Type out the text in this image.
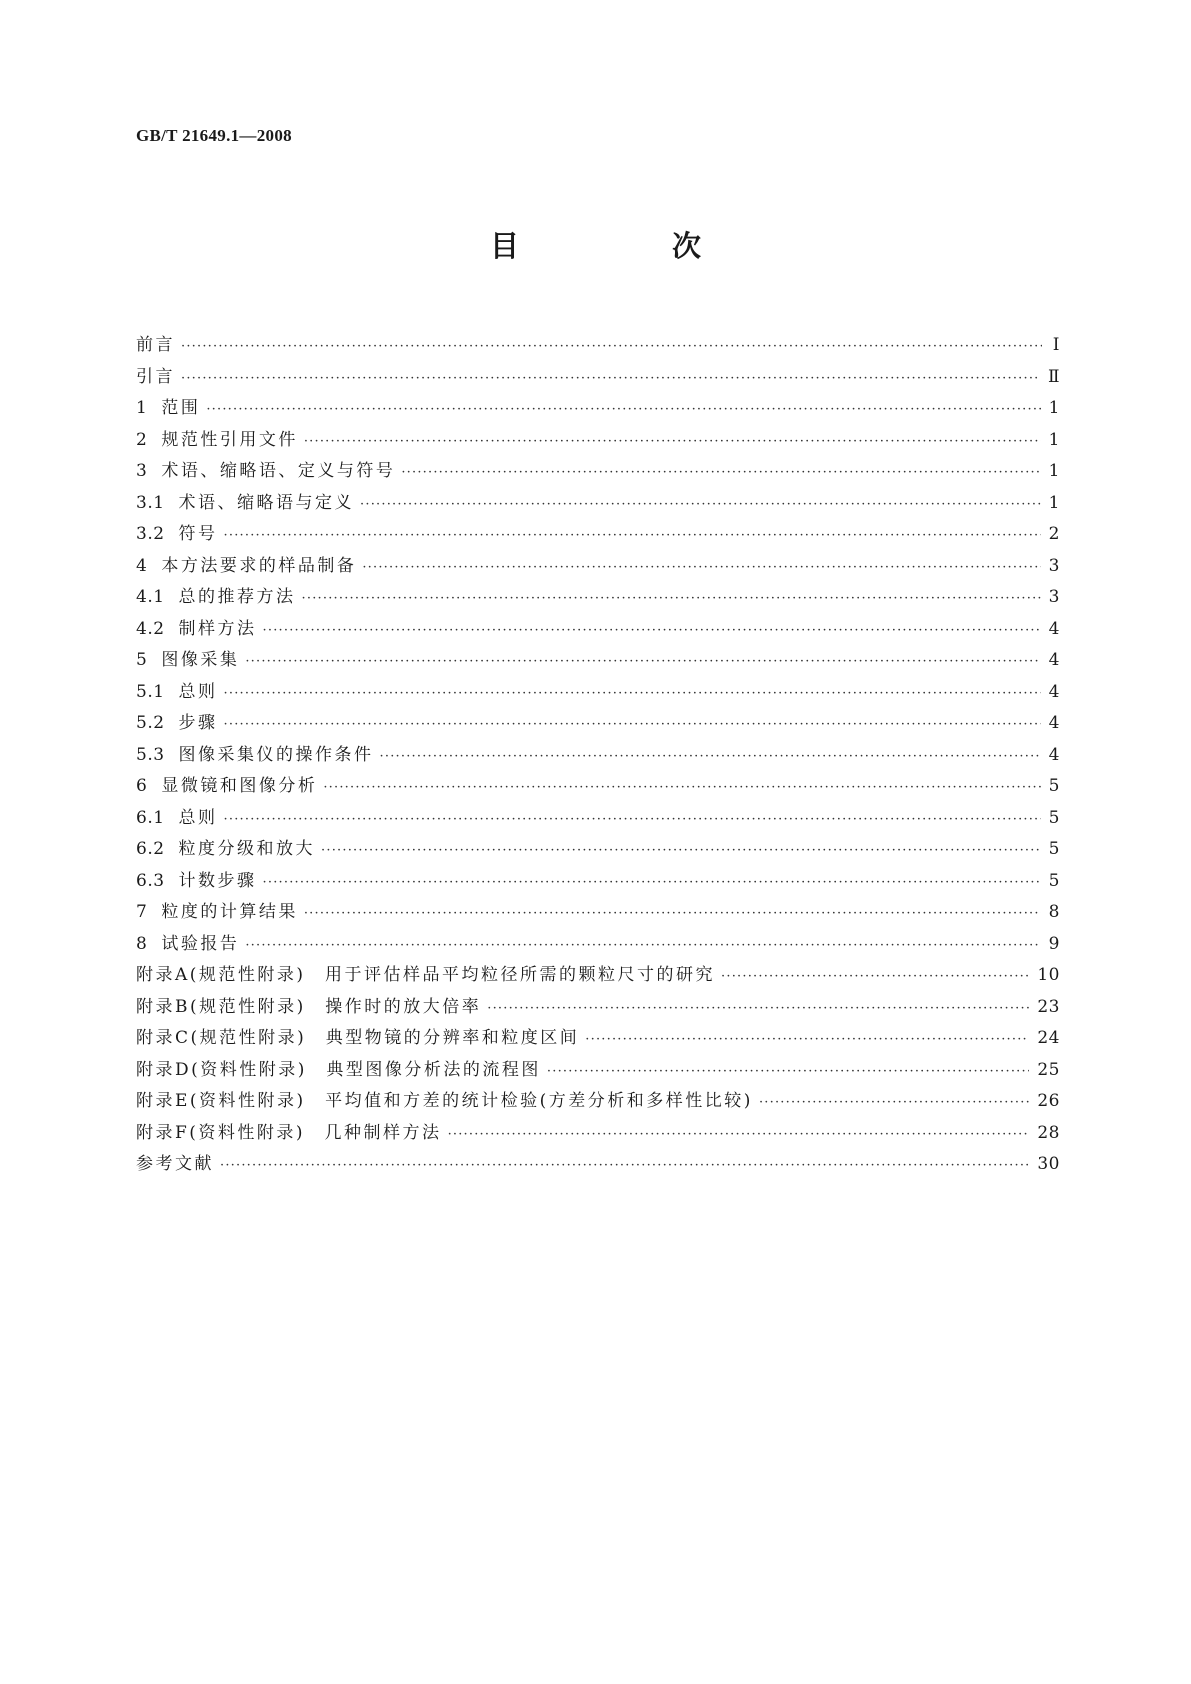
GB/T 21649.1—2008
目　次
前言 ·····	Ⅰ
引言 ·····	Ⅱ
1 范围 ·····	1
2 规范性引用文件 ·····	1
3 术语、缩略语、定义与符号 ·····	1
3.1 术语、缩略语与定义 ·····	1
3.2 符号 ·····	2
4 本方法要求的样品制备 ·····	3
4.1 总的推荐方法 ·····	3
4.2 制样方法 ·····	4
5 图像采集 ·····	4
5.1 总则 ·····	4
5.2 步骤 ·····	4
5.3 图像采集仪的操作条件 ·····	4
6 显微镜和图像分析 ·····	5
6.1 总则 ·····	5
6.2 粒度分级和放大 ·····	5
6.3 计数步骤 ·····	5
7 粒度的计算结果 ·····	8
8 试验报告 ·····	9
附录A(规范性附录)　用于评估样品平均粒径所需的颗粒尺寸的研究 ·····	10
附录B(规范性附录)　操作时的放大倍率 ·····	23
附录C(规范性附录)　典型物镜的分辨率和粒度区间 ·····	24
附录D(资料性附录)　典型图像分析法的流程图 ·····	25
附录E(资料性附录)　平均值和方差的统计检验(方差分析和多样性比较) ·····	26
附录F(资料性附录)　几种制样方法 ·····	28
参考文献 ·····	30
